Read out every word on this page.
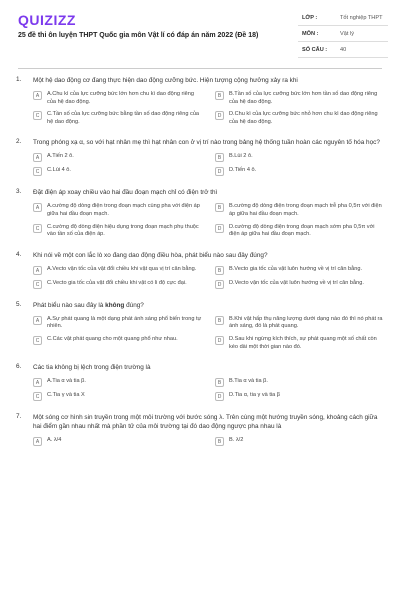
QUIZIZZ
25 đề thi ôn luyện THPT Quốc gia môn Vật lí có đáp án năm 2022 (Đề 18)
LỚP :	Tốt nghiệp THPT
MÔN :	Vật lý
SỐ CÂU : 40
1. Một hệ dao động cơ đang thực hiện dao động cưỡng bức. Hiện tượng cộng hưởng xảy ra khi
A	A.Chu kì của lực cưỡng bức lớn hơn chu kì dao động riêng của hệ dao động.
B	B.Tần số của lực cưỡng bức lớn hơn tần số dao động riêng của hệ dao động.
C	C.Tần số của lực cưỡng bức bằng tần số dao động riêng của hệ dao động.
D	D.Chu kì của lực cưỡng bức nhỏ hơn chu kì dao động riêng của hệ dao động.
2. Trong phóng xạ α, so với hạt nhân mẹ thì hạt nhân con ở vị trí nào trong bảng hệ thống tuần hoàn các nguyên tố hóa học?
A	A.Tiến 2 ô.	B	B.Lùi 2 ô.
C	C.Lùi 4 ô.	D	D.Tiến 4 ô.
3. Đặt điện áp xoay chiều vào hai đầu đoạn mạch chỉ có điện trở thì
A	A.cường độ dòng điện trong đoạn mạch cùng pha với điện áp giữa hai đầu đoạn mạch.
B	B.cường độ dòng điện trong đoạn mạch trễ pha 0,5π với điện áp giữa hai đầu đoạn mạch.
C	C.cường độ dòng điện hiệu dụng trong đoạn mạch phụ thuộc vào tần số của điện áp.
D	D.cường độ dòng điện trong đoạn mạch sớm pha 0,5π với điện áp giữa hai đầu đoạn mạch.
4. Khi nói về một con lắc lò xo đang dao động điều hòa, phát biểu nào sau đây đúng?
A	A.Vecto vận tốc của vật đổi chiều khi vật qua vị trí cân bằng.	B	B.Vecto gia tốc của vật luôn hướng về vị trí cân bằng.
C	C.Vecto gia tốc của vật đổi chiều khi vật có li độ cực đại.	D	D.Vecto vận tốc của vật luôn hướng về vị trí cân bằng.
5. Phát biểu nào sau đây là không đúng?
A	A.Sự phát quang là một dạng phát ánh sáng phổ biến trong tự nhiên.
B	B.Khi vật hấp thụ năng lượng dưới dạng nào đó thì nó phát ra ánh sáng, đó là phát quang.
C	C.Các vật phát quang cho một quang phổ như nhau.	D	D.Sau khi ngừng kích thích, sự phát quang một số chất còn kéo dài một thời gian nào đó.
6. Các tia không bị lệch trong điện trường là
A	A.Tia α và tia β.	B	B.Tia α và tia β.
C	C.Tia γ và tia X	D	D.Tia α, tia γ và tia β
7. Một sóng cơ hình sin truyền trong một môi trường với bước sóng λ. Trên cùng một hướng truyền sóng, khoảng cách giữa hai điểm gần nhau nhất mà phần tử của môi trường tại đó dao động ngược pha nhau là
A	A. λ/4	B	B. λ/2
